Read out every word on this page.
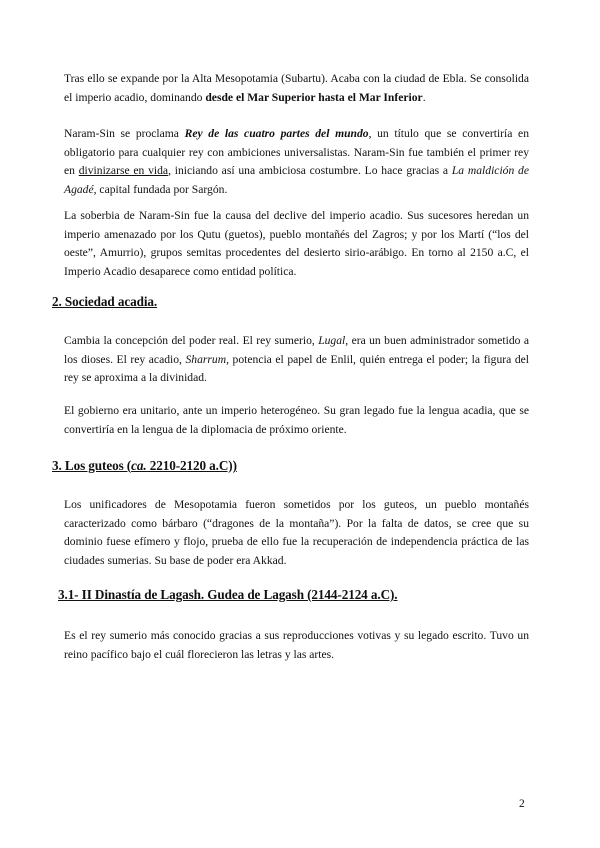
Tras ello se expande por la Alta Mesopotamia (Subartu). Acaba con la ciudad de Ebla. Se consolida el imperio acadio, dominando desde el Mar Superior hasta el Mar Inferior.

Naram-Sin se proclama Rey de las cuatro partes del mundo, un título que se convertiría en obligatorio para cualquier rey con ambiciones universalistas. Naram-Sin fue también el primer rey en divinizarse en vida, iniciando así una ambiciosa costumbre. Lo hace gracias a La maldición de Agadé, capital fundada por Sargón.

La soberbia de Naram-Sin fue la causa del declive del imperio acadio. Sus sucesores heredan un imperio amenazado por los Qutu (guetos), pueblo montañés del Zagros; y por los Martí (“los del oeste”, Amurrio), grupos semitas procedentes del desierto sirio-arábigo. En torno al 2150 a.C, el Imperio Acadio desaparece como entidad política.

2. Sociedad acadia.

Cambia la concepción del poder real. El rey sumerio, Lugal, era un buen administrador sometido a los dioses. El rey acadio, Sharrum, potencia el papel de Enlil, quién entrega el poder; la figura del rey se aproxima a la divinidad.

El gobierno era unitario, ante un imperio heterogéneo. Su gran legado fue la lengua acadia, que se convertiría en la lengua de la diplomacia de próximo oriente.

3. Los guteos (ca. 2210-2120 a.C))

Los unificadores de Mesopotamia fueron sometidos por los guteos, un pueblo montañés caracterizado como bárbaro (“dragones de la montaña”). Por la falta de datos, se cree que su dominio fuese efímero y flojo, prueba de ello fue la recuperación de independencia práctica de las ciudades sumerias. Su base de poder era Akkad.

3.1- II Dinastía de Lagash. Gudea de Lagash (2144-2124 a.C).

Es el rey sumerio más conocido gracias a sus reproducciones votivas y su legado escrito. Tuvo un reino pacífico bajo el cuál florecieron las letras y las artes.

2
